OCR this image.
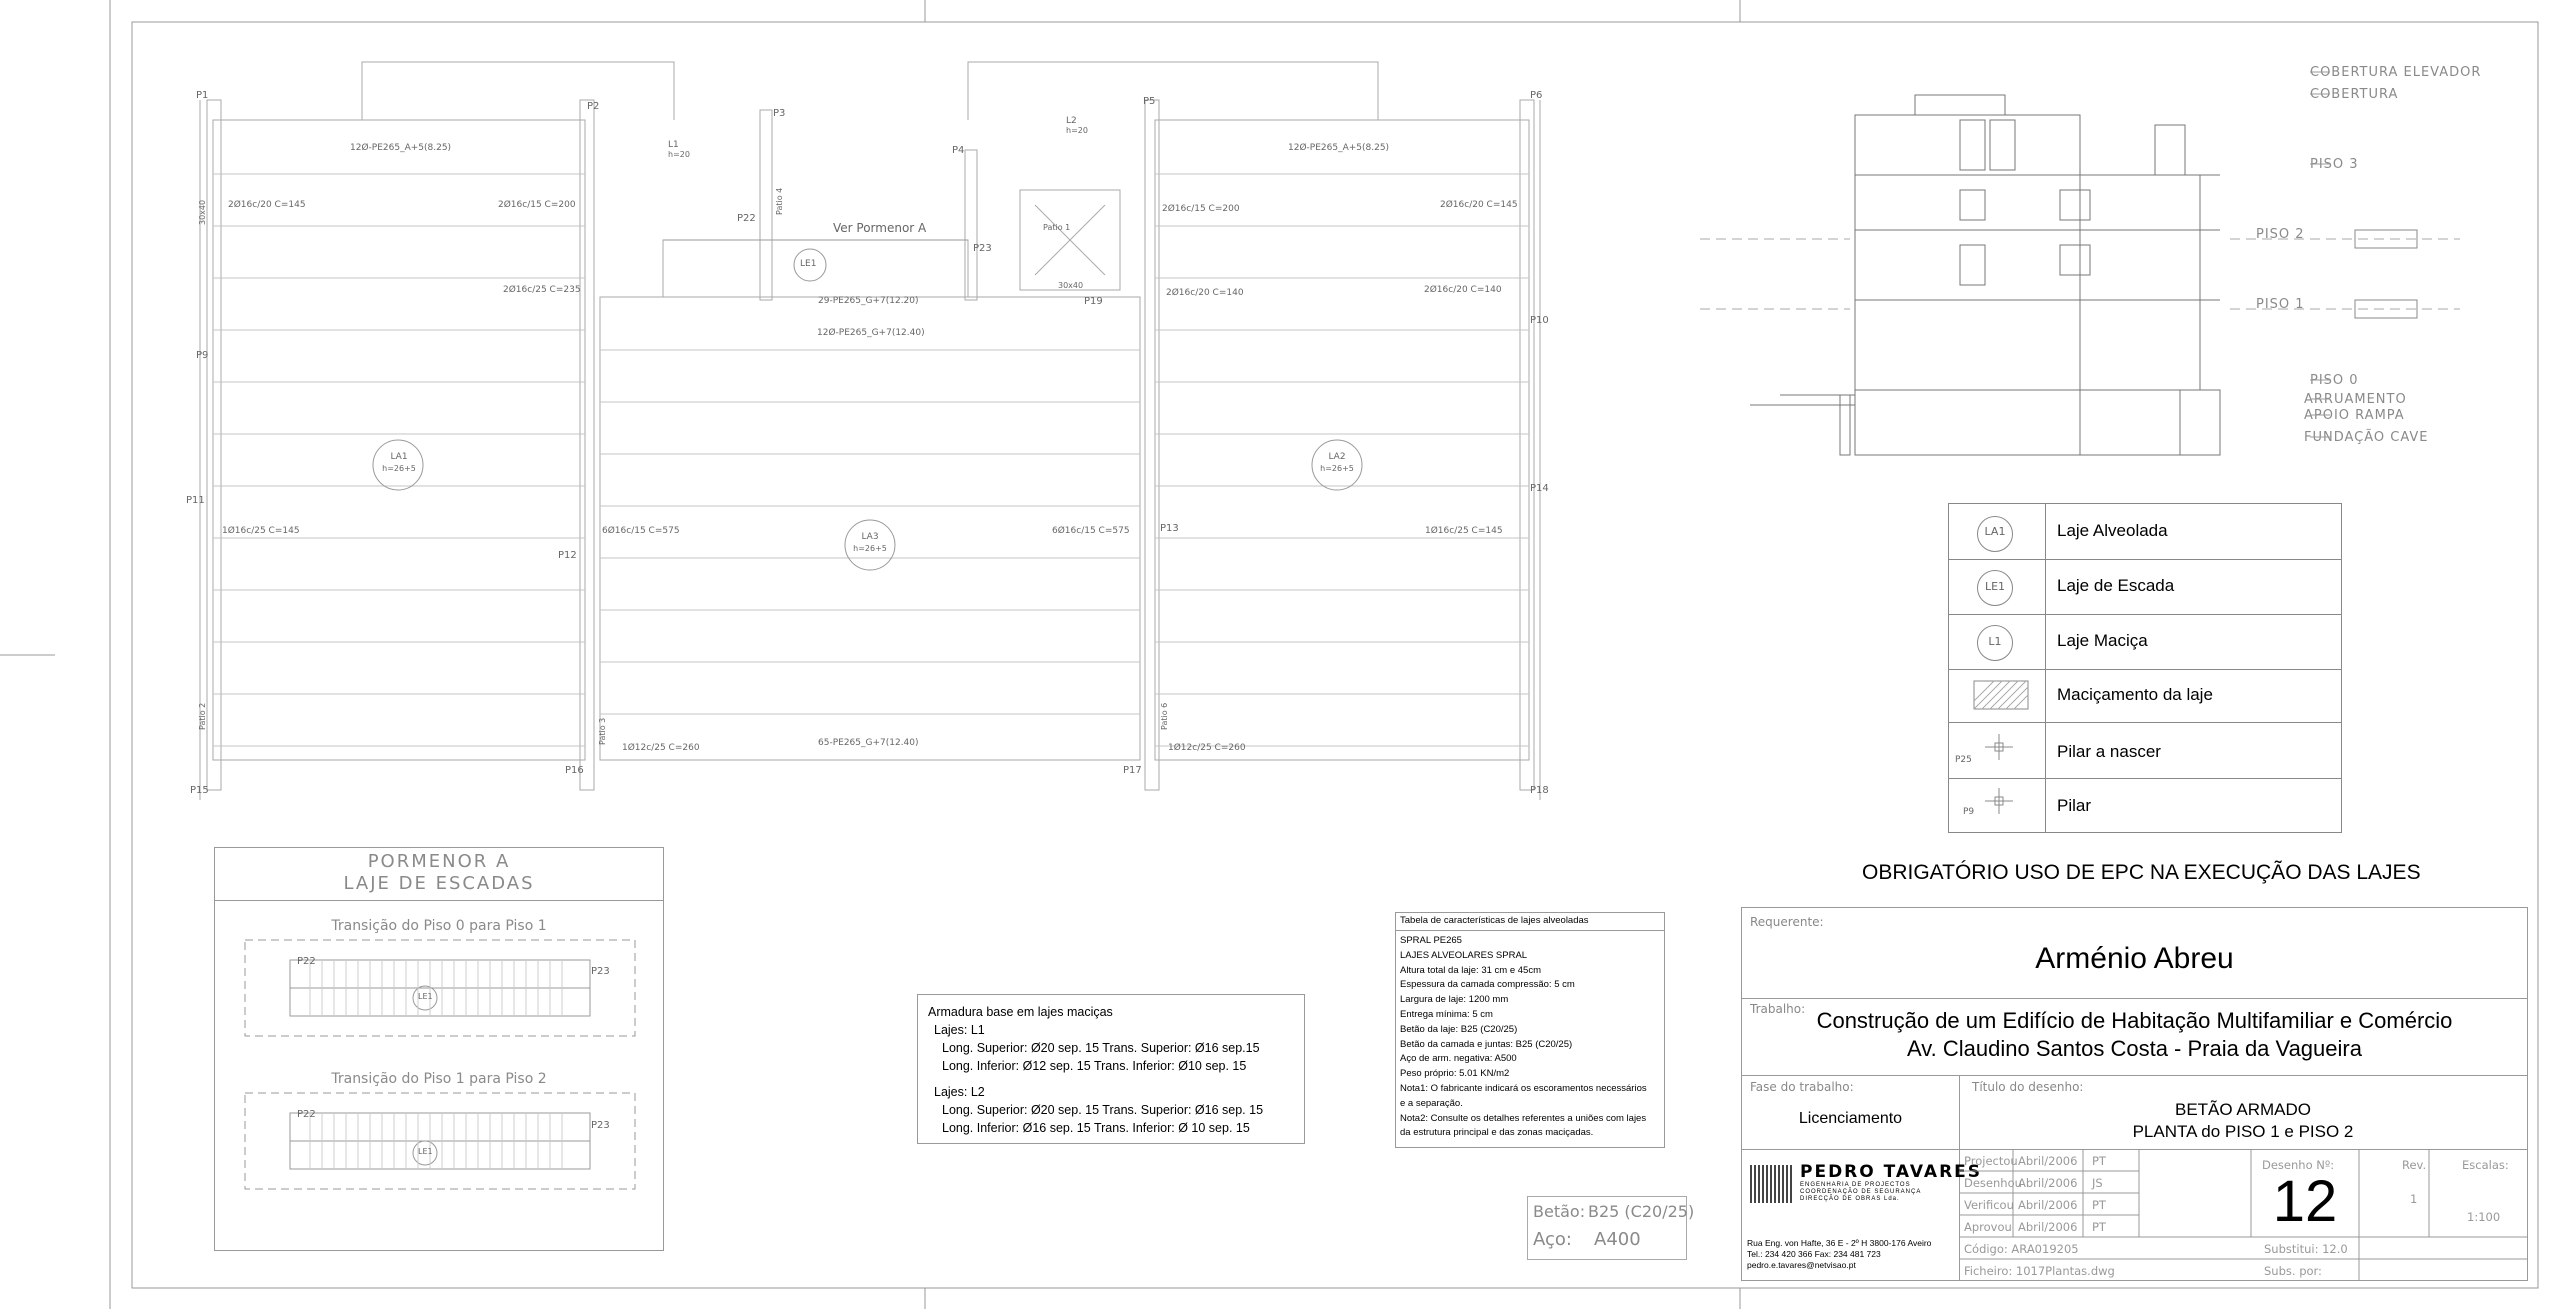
P1
P2
P3
P4
P5
P6
P9
P10
P11
P12
P13
P14
P15
P16	P17
P18
P19
P22
P23
LA1
h=26+5
LA2
h=26+5
LA3
h=26+5
LE1
L1
h=20
L2
h=20
Ver Pormenor A
12Ø-PE265_A+5(8.25)	12Ø-PE265_A+5(8.25)
12Ø-PE265_G+7(12.40)
29-PE265_G+7(12.20)
65-PE265_G+7(12.40)
2Ø16c/20 C=145	2Ø16c/15 C=200
2Ø16c/25 C=235
2Ø16c/15 C=200	2Ø16c/20 C=145
2Ø16c/20 C=140	2Ø16c/20 C=140
1Ø16c/25 C=145	6Ø16c/15 C=575	6Ø16c/15 C=575	1Ø16c/25 C=145
1Ø12c/25 C=260	1Ø12c/25 C=260
30x40
Patio 2
Patio 3
Patio 4
Patio 6
Patio 1
30x40
COBERTURA ELEVADOR
COBERTURA
PISO 3
PISO 2
PISO 1
PISO 0
ARRUAMENTO
APOIO RAMPA
FUNDAÇÃO CAVE
LA1	Laje Alveolada
LE1	Laje de Escada
L1	Laje Maciça
Maciçamento da laje
P25	Pilar a nascer
P9	Pilar
OBRIGATÓRIO USO DE EPC NA EXECUÇÃO DAS LAJES
PORMENOR A
LAJE DE ESCADAS
Transição do Piso 0 para Piso 1
Transição do Piso 1 para Piso 2
P22
P23
LE1
P22
P23
LE1
Armadura base em lajes maciças
Lajes: L1
Long. Superior: Ø20 sep. 15 Trans. Superior: Ø16 sep.15
Long. Inferior: Ø12 sep. 15 Trans. Inferior: Ø10 sep. 15
Lajes: L2
Long. Superior: Ø20 sep. 15 Trans. Superior: Ø16 sep. 15
Long. Inferior: Ø16 sep. 15 Trans. Inferior: Ø 10 sep. 15
Tabela de características de lajes alveoladas
SPRAL PE265
LAJES ALVEOLARES SPRAL
Altura total da laje: 31 cm e 45cm
Espessura da camada compressão: 5 cm
Largura de laje: 1200 mm
Entrega mínima: 5 cm
Betão da laje: B25 (C20/25)
Betão da camada e juntas: B25 (C20/25)
Aço de arm. negativa: A500
Peso próprio: 5.01 KN/m2
Nota1: O fabricante indicará os escoramentos necessários
e a separação.
Nota2: Consulte os detalhes referentes a uniões com lajes
da estrutura principal e das zonas maciçadas.
Betão: B25 (C20/25)
Aço: A400
Requerente:
Arménio Abreu
Trabalho: Construção de um Edifício de Habitação Multifamiliar e Comércio
Av. Claudino Santos Costa - Praia da Vagueira
Fase do trabalho:
Licenciamento
Título do desenho:
BETÃO ARMADO
PLANTA do PISO 1 e PISO 2
PEDRO TAVARES
ENGENHARIA DE PROJECTOS
COORDENAÇÃO DE SEGURANÇA
DIRECÇÃO DE OBRAS Lda.
Rua Eng. von Hafte, 36 E - 2º H 3800-176 Aveiro
Tel.: 234 420 366 Fax: 234 481 723
pedro.e.tavares@netvisao.pt
Projectou Abril/2006 PT
Desenhou
Abril/2006 JS
Verificou Abril/2006 PT
Aprovou Abril/2006 PT
Desenho Nº:
12
Rev.
1
Escalas:
1:100
Código: ARA019205
Ficheiro: 1017Plantas.dwg
Substitui: 12.0
Subs. por:
